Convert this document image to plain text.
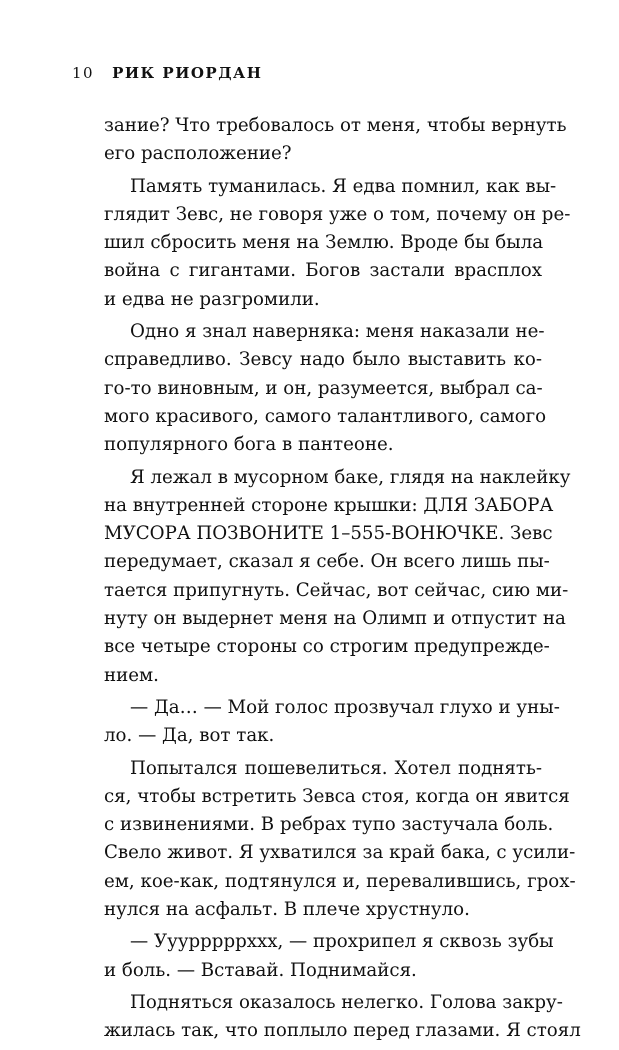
10 РИК РИОРДАН
зание? Что требовалось от меня, чтобы вернуть
его расположение?
Память туманилась. Я едва помнил, как вы-
глядит Зевс, не говоря уже о том, почему он ре-
шил сбросить меня на Землю. Вроде бы была
война с гигантами. Богов застали врасплох
и едва не разгромили.
Одно я знал наверняка: меня наказали не-
справедливо. Зевсу надо было выставить ко-
го-то виновным, и он, разумеется, выбрал са-
мого красивого, самого талантливого, самого
популярного бога в пантеоне.
Я лежал в мусорном баке, глядя на наклейку
на внутренней стороне крышки: ДЛЯ ЗАБОРА
МУСОРА ПОЗВОНИТЕ 1–555-ВОНЮЧКЕ. Зевс
передумает, сказал я себе. Он всего лишь пы-
тается припугнуть. Сейчас, вот сейчас, сию ми-
нуту он выдернет меня на Олимп и отпустит на
все четыре стороны со строгим предупрежде-
нием.
— Да… — Мой голос прозвучал глухо и уны-
ло. — Да, вот так.
Попытался пошевелиться. Хотел поднять-
ся, чтобы встретить Зевса стоя, когда он явится
с извинениями. В ребрах тупо застучала боль.
Свело живот. Я ухватился за край бака, с усили-
ем, кое-как, подтянулся и, перевалившись, грох-
нулся на асфальт. В плече хрустнуло.
— Ууурррррххх, — прохрипел я сквозь зубы
и боль. — Вставай. Поднимайся.
Подняться оказалось нелегко. Голова закру-
жилась так, что поплыло перед глазами. Я стоял
